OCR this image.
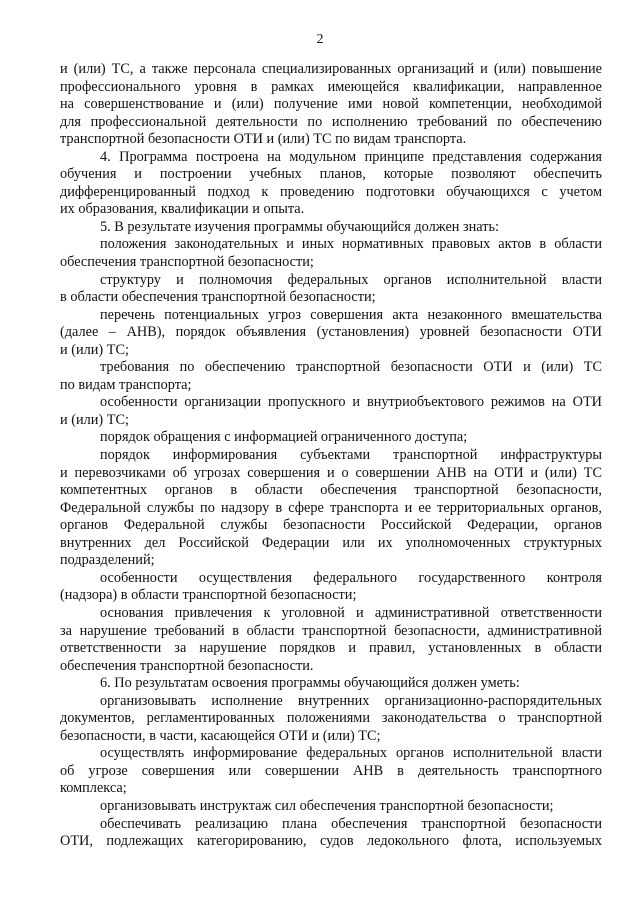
2

и (или) ТС, а также персонала специализированных организаций и (или) повышение

профессионального уровня в рамках имеющейся квалификации, направленное

на совершенствование и (или) получение ими новой компетенции, необходимой

для профессиональной деятельности по исполнению требований по обеспечению

транспортной безопасности ОТИ и (или) ТС по видам транспорта.

4. Программа построена на модульном принципе представления содержания

обучения и построении учебных планов, которые позволяют обеспечить

дифференцированный подход к проведению подготовки обучающихся с учетом

их образования, квалификации и опыта.

5. В результате изучения программы обучающийся должен знать:

положения законодательных и иных нормативных правовых актов в области

обеспечения транспортной безопасности;

структуру и полномочия федеральных органов исполнительной власти

в области обеспечения транспортной безопасности;

перечень потенциальных угроз совершения акта незаконного вмешательства

(далее – АНВ), порядок объявления (установления) уровней безопасности ОТИ

и (или) ТС;

требования по обеспечению транспортной безопасности ОТИ и (или) ТС

по видам транспорта;

особенности организации пропускного и внутриобъектового режимов на ОТИ

и (или) ТС;

порядок обращения с информацией ограниченного доступа;

порядок информирования субъектами транспортной инфраструктуры

и перевозчиками об угрозах совершения и о совершении АНВ на ОТИ и (или) ТС

компетентных органов в области обеспечения транспортной безопасности,

Федеральной службы по надзору в сфере транспорта и ее территориальных органов,

органов Федеральной службы безопасности Российской Федерации, органов

внутренних дел Российской Федерации или их уполномоченных структурных

подразделений;

особенности осуществления федерального государственного контроля

(надзора) в области транспортной безопасности;

основания привлечения к уголовной и административной ответственности

за нарушение требований в области транспортной безопасности, административной

ответственности за нарушение порядков и правил, установленных в области

обеспечения транспортной безопасности.

6. По результатам освоения программы обучающийся должен уметь:

организовывать исполнение внутренних организационно-распорядительных

документов, регламентированных положениями законодательства о транспортной

безопасности, в части, касающейся ОТИ и (или) ТС;

осуществлять информирование федеральных органов исполнительной власти

об угрозе совершения или совершении АНВ в деятельность транспортного

комплекса;

организовывать инструктаж сил обеспечения транспортной безопасности;

обеспечивать реализацию плана обеспечения транспортной безопасности

ОТИ, подлежащих категорированию, судов ледокольного флота, используемых
